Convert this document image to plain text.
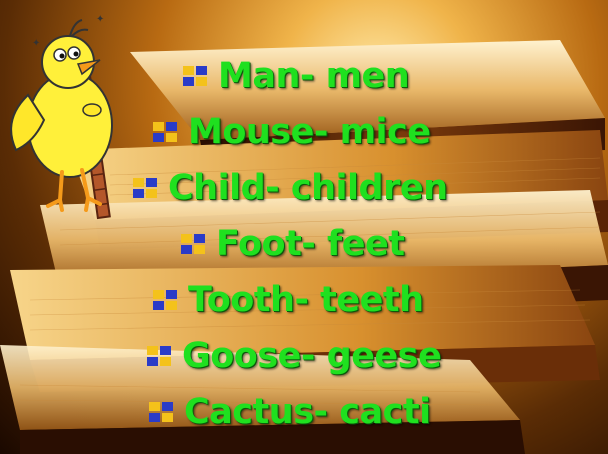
✦
✦
Man- men
Mouse- mice
Child- children
Foot- feet
Tooth- teeth
Goose- geese
Cactus- cacti
